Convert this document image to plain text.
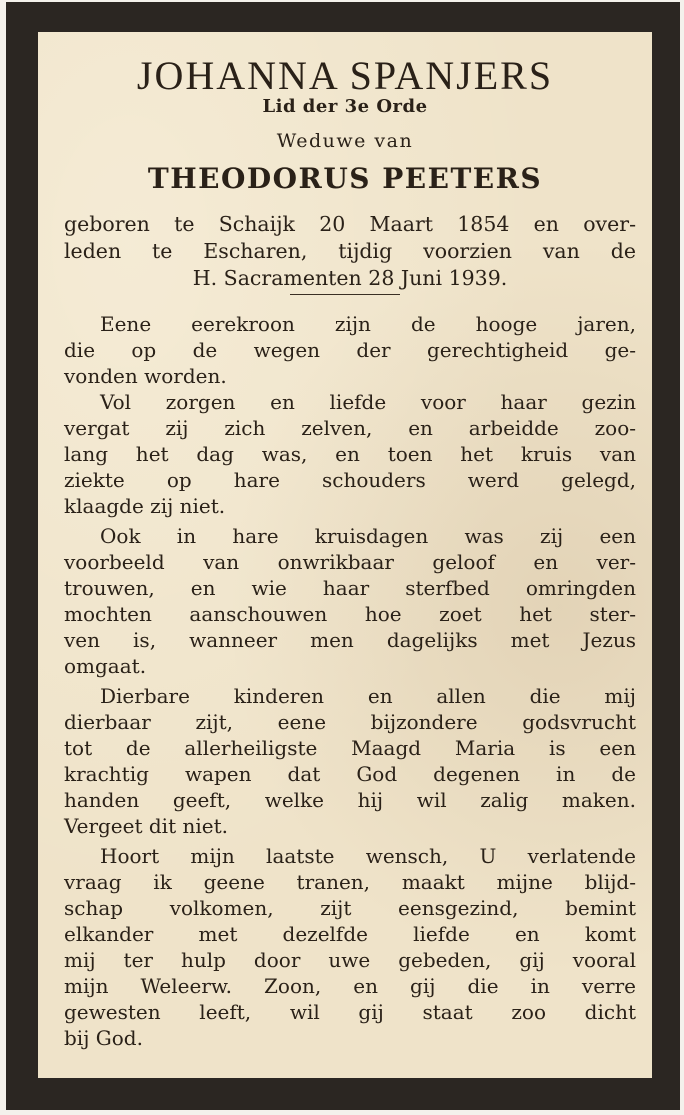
JOHANNA SPANJERS
Lid der 3e Orde
Weduwe van
THEODORUS PEETERS
geboren te Schaijk 20 Maart 1854 en over-
leden te Escharen, tijdig voorzien van de
H. Sacramenten 28 Juni 1939.
Eene eerekroon zijn de hooge jaren,
die op de wegen der gerechtigheid ge-
vonden worden.
Vol zorgen en liefde voor haar gezin
vergat zij zich zelven, en arbeidde zoo-
lang het dag was, en toen het kruis van
ziekte op hare schouders werd gelegd,
klaagde zij niet.
Ook in hare kruisdagen was zij een
voorbeeld van onwrikbaar geloof en ver-
trouwen, en wie haar sterfbed omringden
mochten aanschouwen hoe zoet het ster-
ven is, wanneer men dagelijks met Jezus
omgaat.
Dierbare kinderen en allen die mij
dierbaar zijt, eene bijzondere godsvrucht
tot de allerheiligste Maagd Maria is een
krachtig wapen dat God degenen in de
handen geeft, welke hij wil zalig maken.
Vergeet dit niet.
Hoort mijn laatste wensch, U verlatende
vraag ik geene tranen, maakt mijne blijd-
schap volkomen, zijt eensgezind, bemint
elkander met dezelfde liefde en komt
mij ter hulp door uwe gebeden, gij vooral
mijn Weleerw. Zoon, en gij die in verre
gewesten leeft, wil gij staat zoo dicht
bij God.
